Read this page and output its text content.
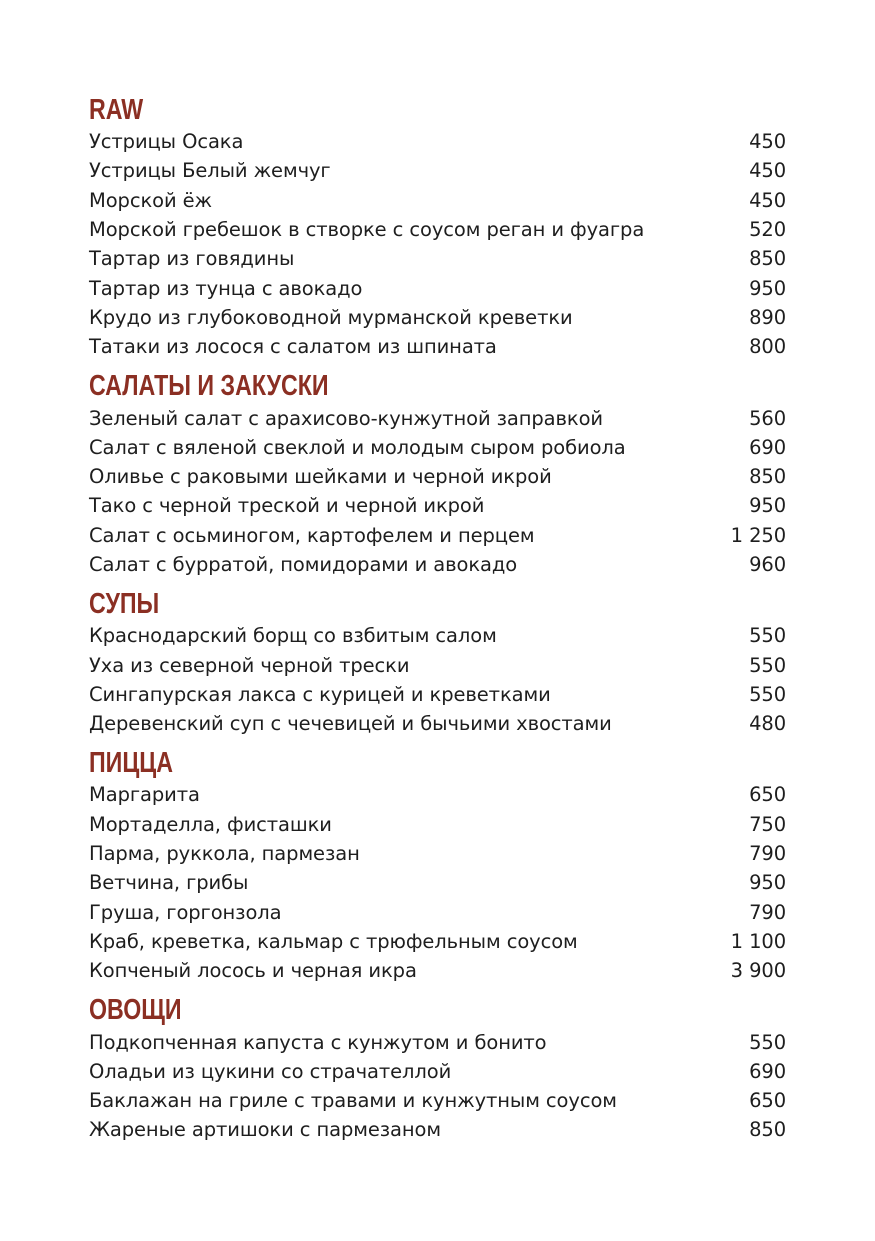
RAW
Устрицы Осака	450
Устрицы Белый жемчуг	450
Морской ёж	450
Морской гребешок в створке с соусом реган и фуагра	520
Тартар из говядины	850
Тартар из тунца с авокадо	950
Крудо из глубоководной мурманской креветки	890
Татаки из лосося с салатом из шпината	800
САЛАТЫ И ЗАКУСКИ
Зеленый салат с арахисово-кунжутной заправкой	560
Салат с вяленой свеклой и молодым сыром робиола	690
Оливье с раковыми шейками и черной икрой	850
Тако с черной треской и черной икрой	950
Салат с осьминогом, картофелем и перцем	1 250
Салат с бурратой, помидорами и авокадо	960
СУПЫ
Краснодарский борщ со взбитым салом	550
Уха из северной черной трески	550
Сингапурская лакса с курицей и креветками	550
Деревенский суп с чечевицей и бычьими хвостами	480
ПИЦЦА
Маргарита	650
Мортаделла, фисташки	750
Парма, руккола, пармезан	790
Ветчина, грибы	950
Груша, горгонзола	790
Краб, креветка, кальмар с трюфельным соусом	1 100
Копченый лосось и черная икра	3 900
ОВОЩИ
Подкопченная капуста с кунжутом и бонито	550
Оладьи из цукини со страчателлой	690
Баклажан на гриле с травами и кунжутным соусом	650
Жареные артишоки с пармезаном	850
